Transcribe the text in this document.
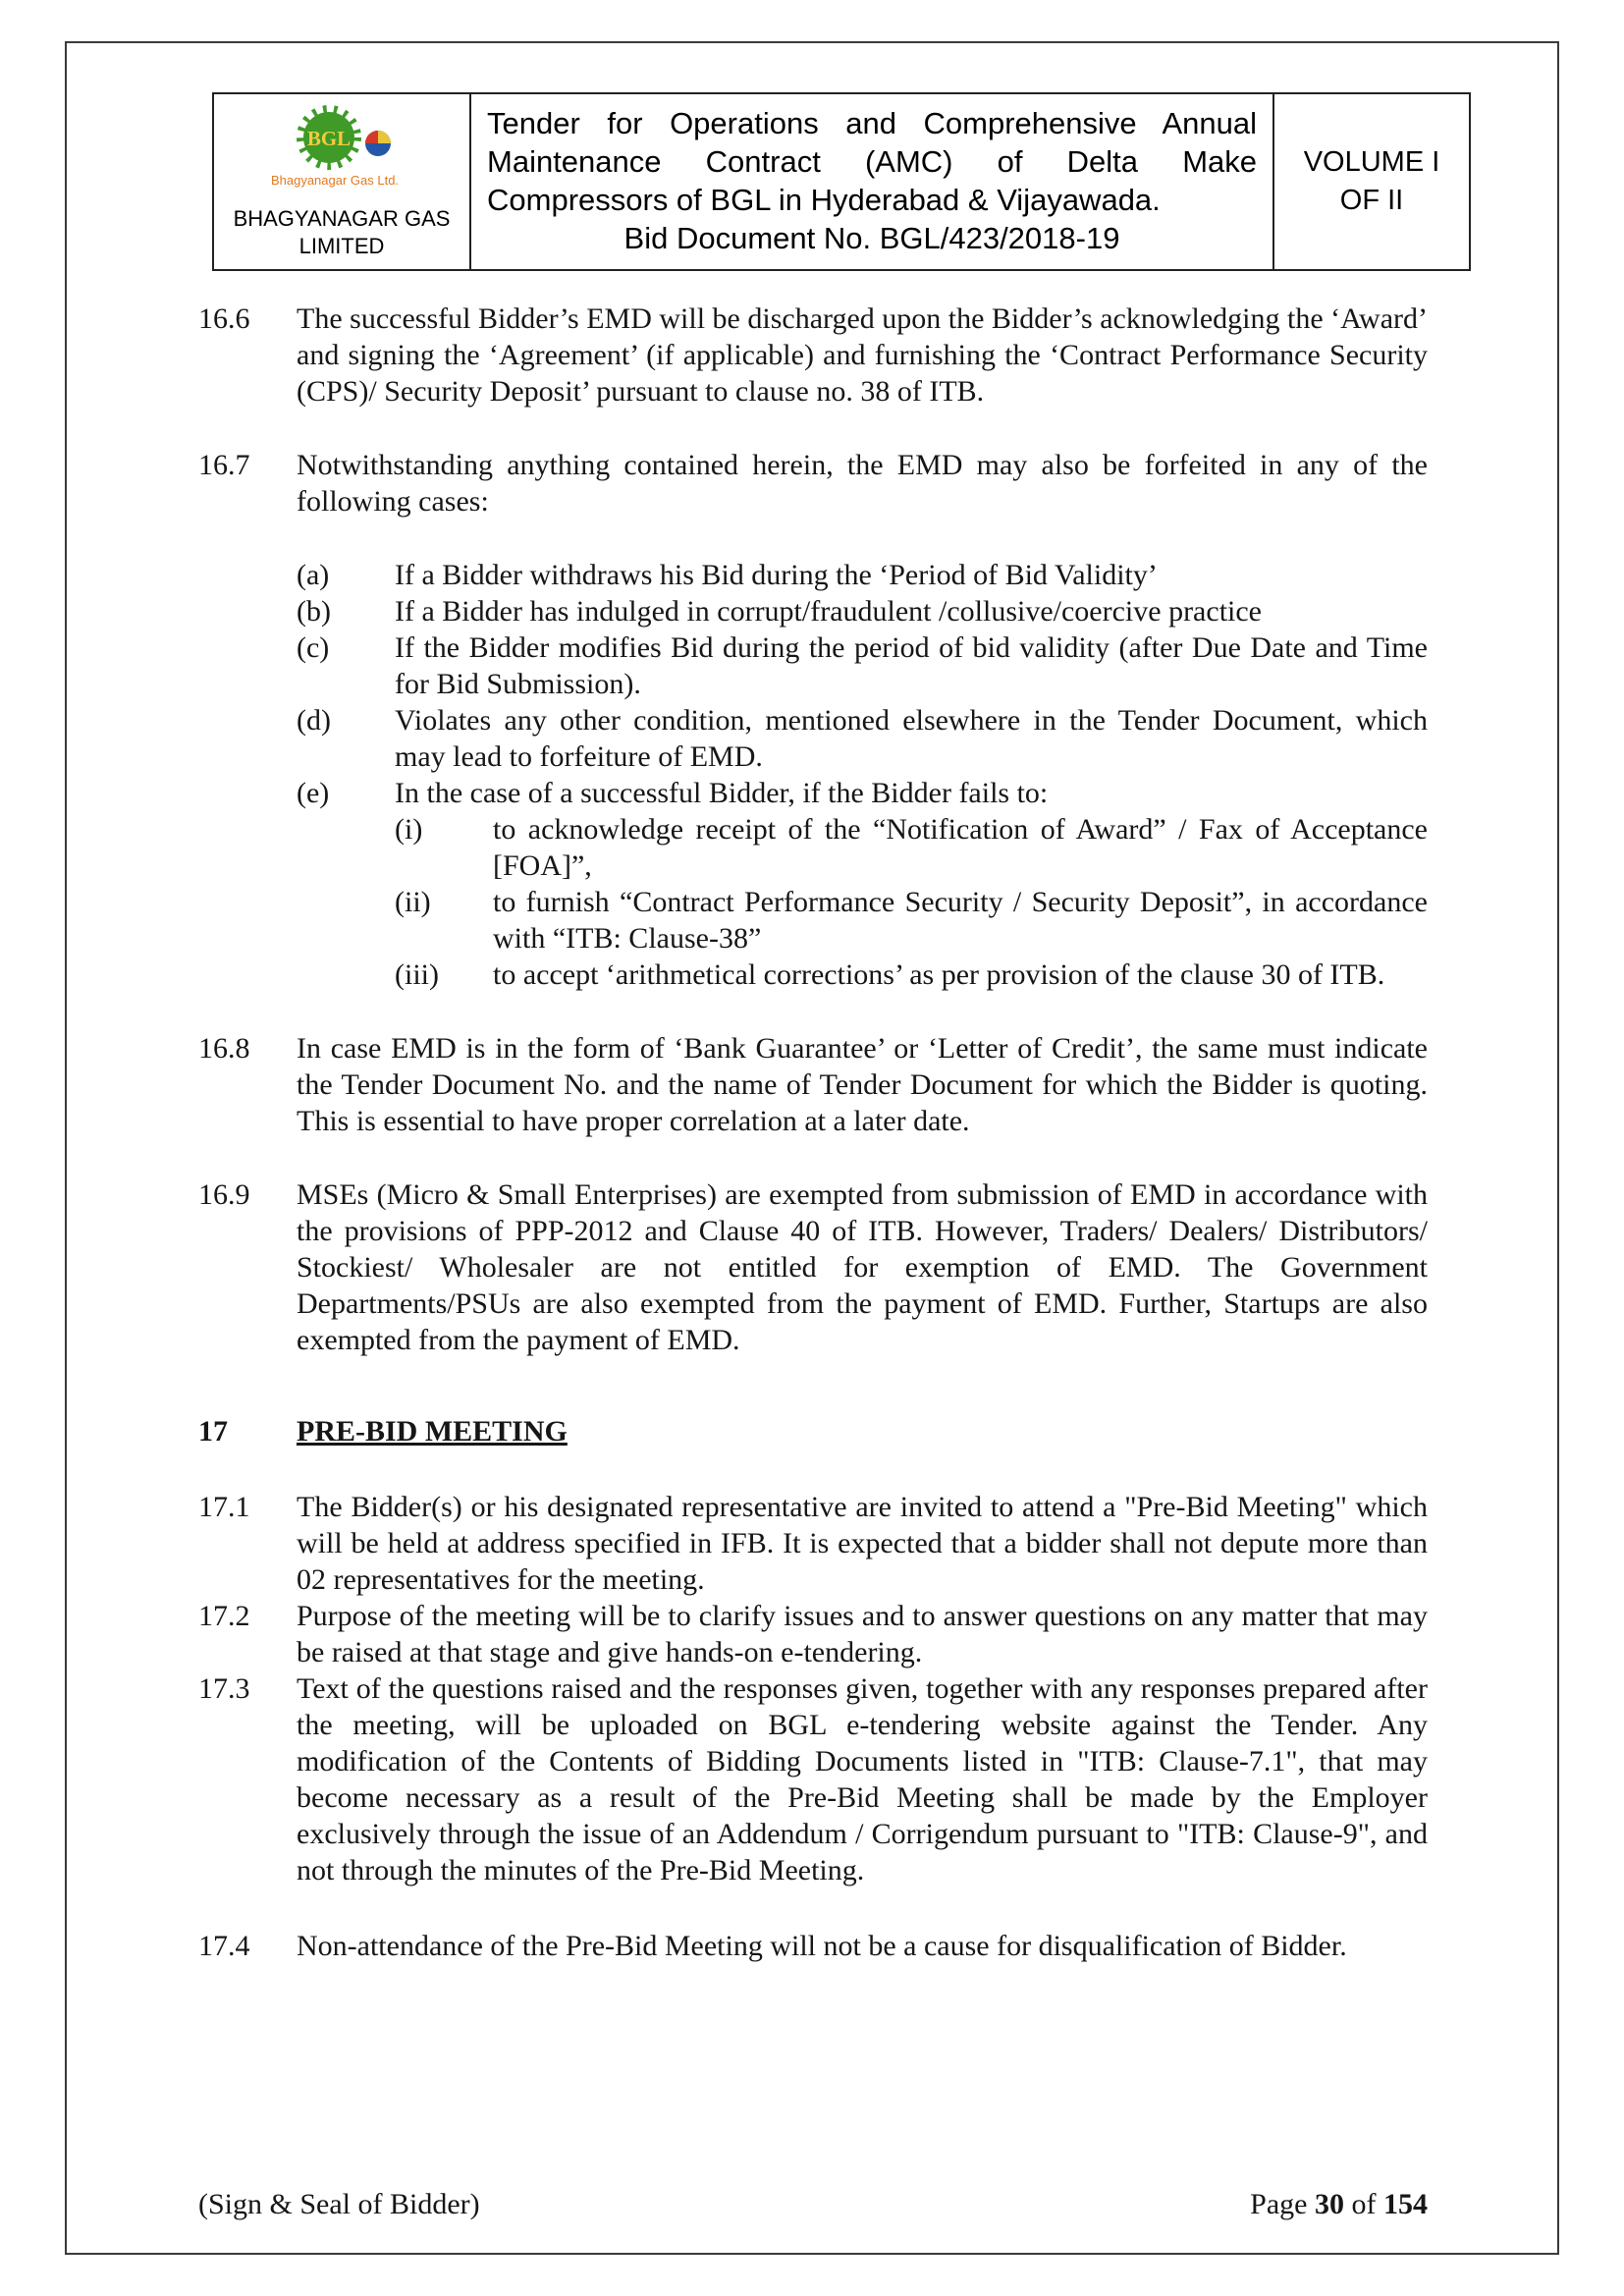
BGL
Bhagyanagar Gas Ltd.
BHAGYANAGAR GAS
LIMITED

Tender for Operations and Comprehensive Annual Maintenance Contract (AMC) of Delta Make Compressors of BGL in Hyderabad & Vijayawada.
Bid Document No. BGL/423/2018-19

VOLUME I
OF II
16.6	The successful Bidder’s EMD will be discharged upon the Bidder’s acknowledging the ‘Award’ and signing the ‘Agreement’ (if applicable) and furnishing the ‘Contract Performance Security (CPS)/ Security Deposit’ pursuant to clause no. 38 of ITB.
16.7	Notwithstanding anything contained herein, the EMD may also be forfeited in any of the following cases:
(a)	If a Bidder withdraws his Bid during the ‘Period of Bid Validity’
(b)	If a Bidder has indulged in corrupt/fraudulent /collusive/coercive practice
(c)	If the Bidder modifies Bid during the period of bid validity (after Due Date and Time for Bid Submission).
(d)	Violates any other condition, mentioned elsewhere in the Tender Document, which may lead to forfeiture of EMD.
(e)	In the case of a successful Bidder, if the Bidder fails to:
(i)	to acknowledge receipt of the “Notification of Award” / Fax of Acceptance [FOA]”,
(ii)	to furnish “Contract Performance Security / Security Deposit”, in accordance with “ITB: Clause-38”
(iii)	to accept ‘arithmetical corrections’ as per provision of the clause 30 of ITB.
16.8	In case EMD is in the form of ‘Bank Guarantee’ or ‘Letter of Credit’, the same must indicate the Tender Document No. and the name of Tender Document for which the Bidder is quoting. This is essential to have proper correlation at a later date.
16.9	MSEs (Micro & Small Enterprises) are exempted from submission of EMD in accordance with the provisions of PPP-2012 and Clause 40 of ITB. However, Traders/ Dealers/ Distributors/ Stockiest/ Wholesaler are not entitled for exemption of EMD. The Government Departments/PSUs are also exempted from the payment of EMD. Further, Startups are also exempted from the payment of EMD.
17	PRE-BID MEETING
17.1	The Bidder(s) or his designated representative are invited to attend a "Pre-Bid Meeting" which will be held at address specified in IFB. It is expected that a bidder shall not depute more than 02 representatives for the meeting.
17.2	Purpose of the meeting will be to clarify issues and to answer questions on any matter that may be raised at that stage and give hands-on e-tendering.
17.3	Text of the questions raised and the responses given, together with any responses prepared after the meeting, will be uploaded on BGL e-tendering website against the Tender. Any modification of the Contents of Bidding Documents listed in "ITB: Clause-7.1", that may become necessary as a result of the Pre-Bid Meeting shall be made by the Employer exclusively through the issue of an Addendum / Corrigendum pursuant to "ITB: Clause-9", and not through the minutes of the Pre-Bid Meeting.
17.4	Non-attendance of the Pre-Bid Meeting will not be a cause for disqualification of Bidder.
(Sign & Seal of Bidder)	Page 30 of 154
